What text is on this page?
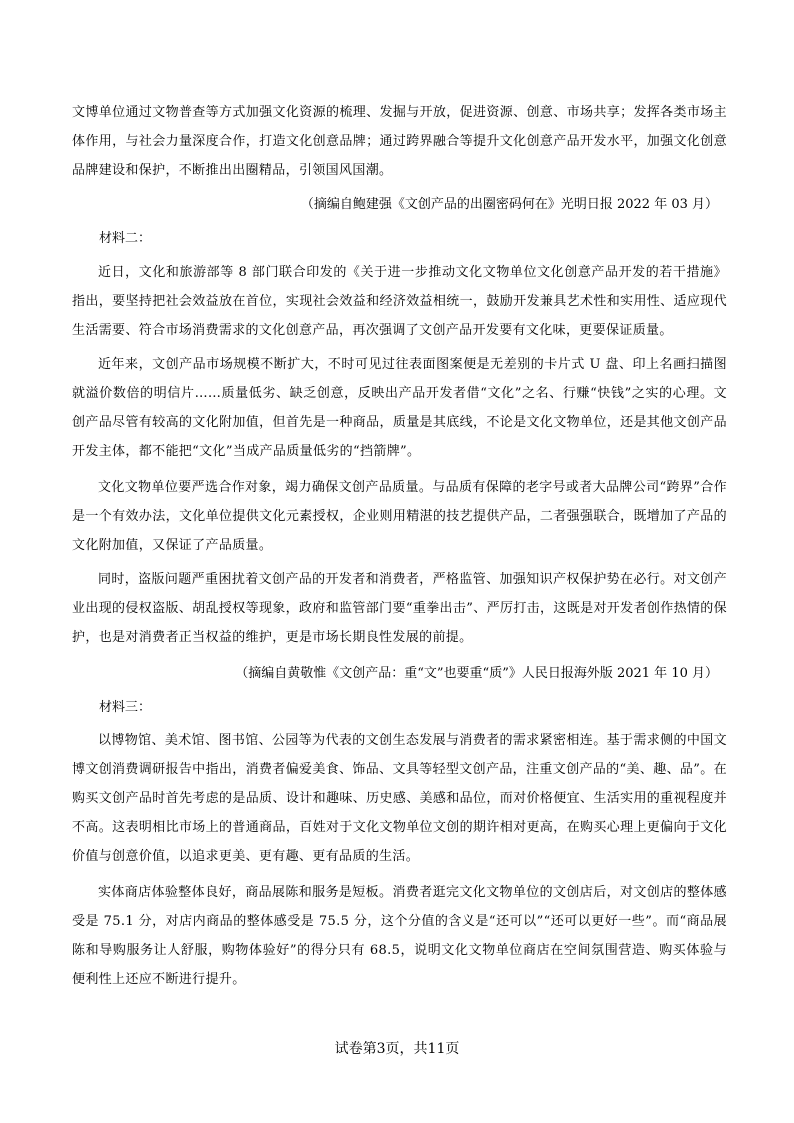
文博单位通过文物普查等方式加强文化资源的梳理、发掘与开放，促进资源、创意、市场共享；发挥各类市场主体作用，与社会力量深度合作，打造文化创意品牌；通过跨界融合等提升文化创意产品开发水平，加强文化创意品牌建设和保护，不断推出出圈精品，引领国风国潮。

（摘编自鲍建强《文创产品的出圈密码何在》光明日报 2022 年 03 月）

材料二：

近日，文化和旅游部等 8 部门联合印发的《关于进一步推动文化文物单位文化创意产品开发的若干措施》指出，要坚持把社会效益放在首位，实现社会效益和经济效益相统一，鼓励开发兼具艺术性和实用性、适应现代生活需要、符合市场消费需求的文化创意产品，再次强调了文创产品开发要有文化味，更要保证质量。

近年来，文创产品市场规模不断扩大，不时可见过往表面图案便是无差别的卡片式 U 盘、印上名画扫描图就溢价数倍的明信片……质量低劣、缺乏创意，反映出产品开发者借“文化”之名、行赚“快钱”之实的心理。文创产品尽管有较高的文化附加值，但首先是一种商品，质量是其底线，不论是文化文物单位，还是其他文创产品开发主体，都不能把“文化”当成产品质量低劣的“挡箭牌”。

文化文物单位要严选合作对象，竭力确保文创产品质量。与品质有保障的老字号或者大品牌公司“跨界”合作是一个有效办法，文化单位提供文化元素授权，企业则用精湛的技艺提供产品，二者强强联合，既增加了产品的文化附加值，又保证了产品质量。

同时，盗版问题严重困扰着文创产品的开发者和消费者，严格监管、加强知识产权保护势在必行。对文创产业出现的侵权盗版、胡乱授权等现象，政府和监管部门要“重拳出击”、严厉打击，这既是对开发者创作热情的保护，也是对消费者正当权益的维护，更是市场长期良性发展的前提。

（摘编自黄敬惟《文创产品：重“文”也要重“质”》人民日报海外版 2021 年 10 月）

材料三：

以博物馆、美术馆、图书馆、公园等为代表的文创生态发展与消费者的需求紧密相连。基于需求侧的中国文博文创消费调研报告中指出，消费者偏爱美食、饰品、文具等轻型文创产品，注重文创产品的“美、趣、品”。在购买文创产品时首先考虑的是品质、设计和趣味、历史感、美感和品位，而对价格便宜、生活实用的重视程度并不高。这表明相比市场上的普通商品，百姓对于文化文物单位文创的期许相对更高，在购买心理上更偏向于文化价值与创意价值，以追求更美、更有趣、更有品质的生活。

实体商店体验整体良好，商品展陈和服务是短板。消费者逛完文化文物单位的文创店后，对文创店的整体感受是 75.1 分，对店内商品的整体感受是 75.5 分，这个分值的含义是“还可以”“还可以更好一些”。而“商品展陈和导购服务让人舒服，购物体验好”的得分只有 68.5，说明文化文物单位商店在空间氛围营造、购买体验与便利性上还应不断进行提升。

试卷第3页，共11页
